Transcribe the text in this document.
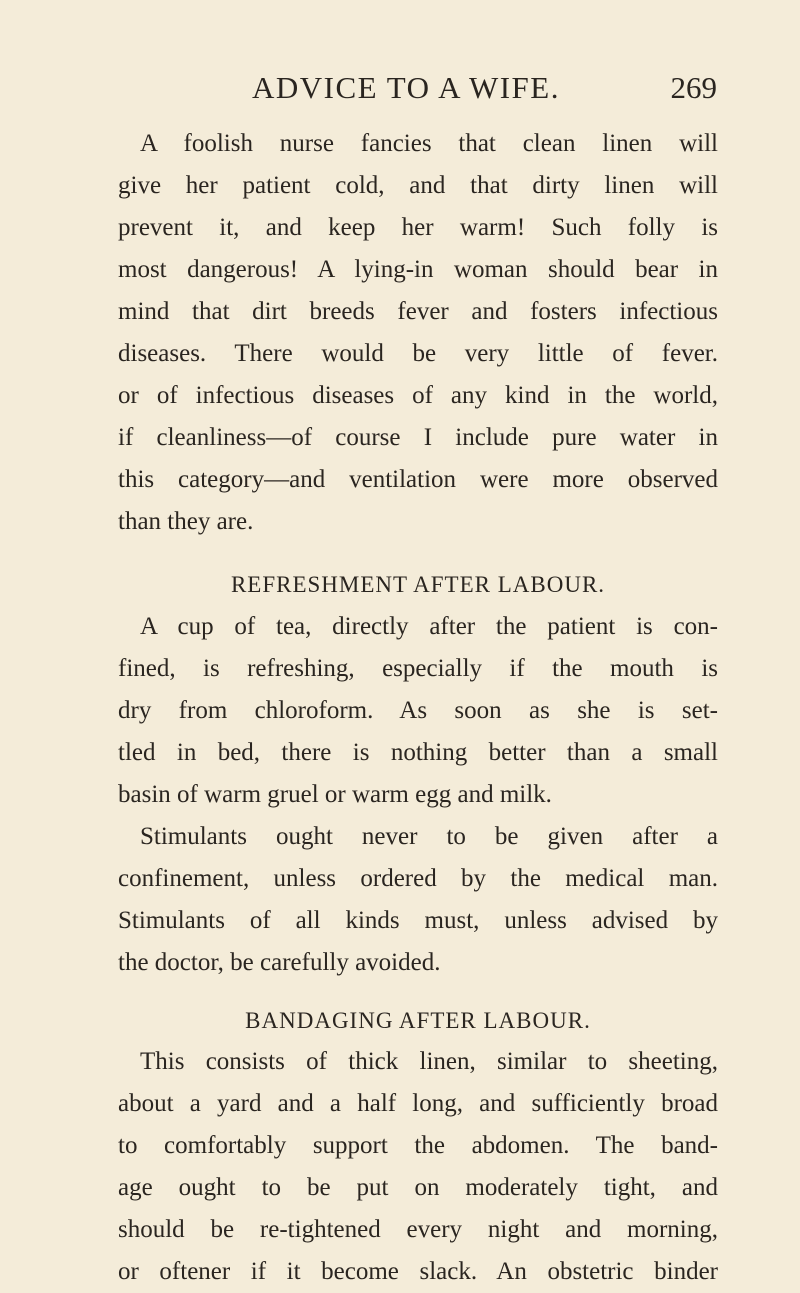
ADVICE TO A WIFE.	269
A foolish nurse fancies that clean linen will
give her patient cold, and that dirty linen will
prevent it, and keep her warm! Such folly is
most dangerous! A lying-in woman should bear in
mind that dirt breeds fever and fosters infectious
diseases. There would be very little of fever.
or of infectious diseases of any kind in the world,
if cleanliness—of course I include pure water in
this category—and ventilation were more observed
than they are.
REFRESHMENT AFTER LABOUR.
A cup of tea, directly after the patient is con-
fined, is refreshing, especially if the mouth is
dry from chloroform. As soon as she is set-
tled in bed, there is nothing better than a small
basin of warm gruel or warm egg and milk.
Stimulants ought never to be given after a
confinement, unless ordered by the medical man.
Stimulants of all kinds must, unless advised by
the doctor, be carefully avoided.
BANDAGING AFTER LABOUR.
This consists of thick linen, similar to sheeting,
about a yard and a half long, and sufficiently broad
to comfortably support the abdomen. The band-
age ought to be put on moderately tight, and
should be re-tightened every night and morning,
or oftener if it become slack. An obstetric binder
